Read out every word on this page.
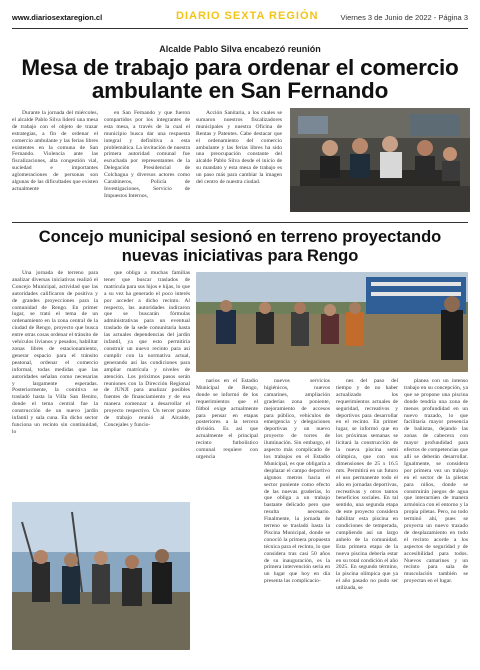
www.diariosextaregion.cl	DIARIO SEXTA REGIÓN	Viernes 3 de Junio de 2022 - Página 3
Alcalde Pablo Silva encabezó reunión
Mesa de trabajo para ordenar el comercio ambulante en San Fernando

Durante la jornada del miércoles, el alcalde Pablo Silva lideró una mesa de trabajo con el objeto de trazar estrategias, a fin de ordenar el comercio ambulante y las ferias libres existentes en la comuna de San Fernando. Violencia ante las fiscalizaciones, alta congestión vial, suciedad e importantes aglomeraciones de personas son algunas de las dificultades que existen actualmente

en San Fernando y que fueron compartidos por los integrantes de esta mesa, a través de la cual el municipio busca dar una respuesta integral y definitiva a esta problemática. La invitación de nuestra primera autoridad comunal fue escuchada por representantes de la Delegación Presidencial de Colchagua y diversos actores como Carabineros, Policía de Investigaciones, Servicio de Impuestos Internos,

Acción Sanitaria, a los cuales se sumaron nuestros fiscalizadores municipales y nuestra Oficina de Rentas y Patentes. Cabe destacar que el ordenamiento del comercio ambulante y las ferias libres ha sido una preocupación constante del alcalde Pablo Silva desde el inicio de su mandato y esta mesa de trabajo es un paso más para cambiar la imagen del centro de nuestra ciudad.

Concejo municipal sesionó en terreno proyectando nuevas iniciativas para Rengo

Una jornada de terreno para analizar diversas iniciativas realizó el Concejo Municipal, actividad que las autoridades calificaron de positiva y de grandes proyecciones para la comunidad de Rengo. En primer lugar, se trató el tema de un ordenamiento en la zona central de la ciudad de Rengo, proyecto que busca entre otras cosas ordenar el tránsito de vehículos livianos y pesados, habilitar zonas libres de estacionamiento, generar espacio para el tránsito peatonal, ordenar el comercio informal, todas medidas que las autoridades señalan como necesarias y largamente esperadas. Posteriormente, la comitiva se trasladó hasta la Villa San Benito, donde el tema central fue la construcción de un nuevo jardín infantil y sala cuna. En dicho sector funciona un recinto sin continuidad, lo

que obliga a muchas familias tener que buscar traslados de matrícula para sus hijos e hijas, lo que a su vez ha generado el poco interés por acceder a dicho recinto. Al respecto, las autoridades indicaron que se buscarán fórmulas administrativas para un eventual traslado de la sede comunitaria hasta las actuales dependencias del jardín infantil, ya que esto permitiría construir un nuevo recinto para así cumplir con la normativa actual, generando así las condiciones para ampliar matrícula y niveles de atención. Los próximos pasos serán reuniones con la Dirección Regional de JUNJI para analizar posibles fuentes de financiamiento y de esa manera comenzar a desarrollar el proyecto respectivo. Un tercer punto de trabajo reunió al Alcalde, Concejales y funcio-

narios en el Estadio Municipal de Rengo, donde se informó de los requerimientos que el fútbol exige actualmente para pensar en etapas posteriores a la tercera división. Es así que actualmente el principal recinto futbolístico comunal requiere con urgencia

nuevos servicios higiénicos, nuevos camarines, ampliación graderías zona poniente, mejoramiento de accesos para público, vehículos de emergencia y delegaciones deportivas y un nuevo proyecto de torres de iluminación. Sin embargo, el aspecto más complicado de los trabajos en el Estadio Municipal, es que obligaría a desplazar el campo deportivo algunos metros hacia el sector poniente como efecto de las nuevas graderías, lo que obliga a un trabajo bastante delicado pero que resulta necesario. Finalmente, la jornada de terreno se trasladó hasta la Piscina Municipal, donde se conoció la primera propuesta técnica para el recinto, lo que considera tras casi 50 años de su inauguración, es la primera intervención seria en un lugar que hoy en día presenta las complicacio-

nes del paso del tiempo y de no haber actualizado los requerimientos actuales de seguridad, recreativos y deportivos para desarrollar en el recinto. En primer lugar, se informó que en los próximas semanas se licitará la construcción de la nueva piscina semi olímpica, que con sus dimensiones de 25 x 16.5 mts. Permitirá en un futuro el uso permanente todo el año en jornadas deportivas, recreativas y otros tantos beneficios sociales. En tal sentido, una segunda etapa de este proyecto considera habilitar esta piscina en condiciones de temperada, cumpliendo así un largo anhelo de la comunidad. Esta primera etapa de la nueva piscina debería estar en su total condición el año 2025. En segundo término, la piscina olímpica que ya el año pasado no pudo ser utilizada, se

planea con un intenso trabajo en su concepción, ya que se propone una piscina donde tendría una zona de menos profundidad en un nuevo trazado, lo que facilitaría mayor presencia de bañistas, dejando las zonas de cabecera con mayor profundidad para efectos de competencias que allí se deberán desarrollar. Igualmente, se considera por primera vez un trabajo en el sector de la piletas para niños, donde se construirán juegos de agua que interactúen de manera armónica con el entorno y la propia piletas. Pero, no todo terminó ahí, pues se proyecta un nuevo trazado de desplazamiento en todo el recinto acorde a los aspectos de seguridad y de accesibilidad para todos. Nuevos camarines y un recinto para sala de musculación también se proyectan en el lugar.
